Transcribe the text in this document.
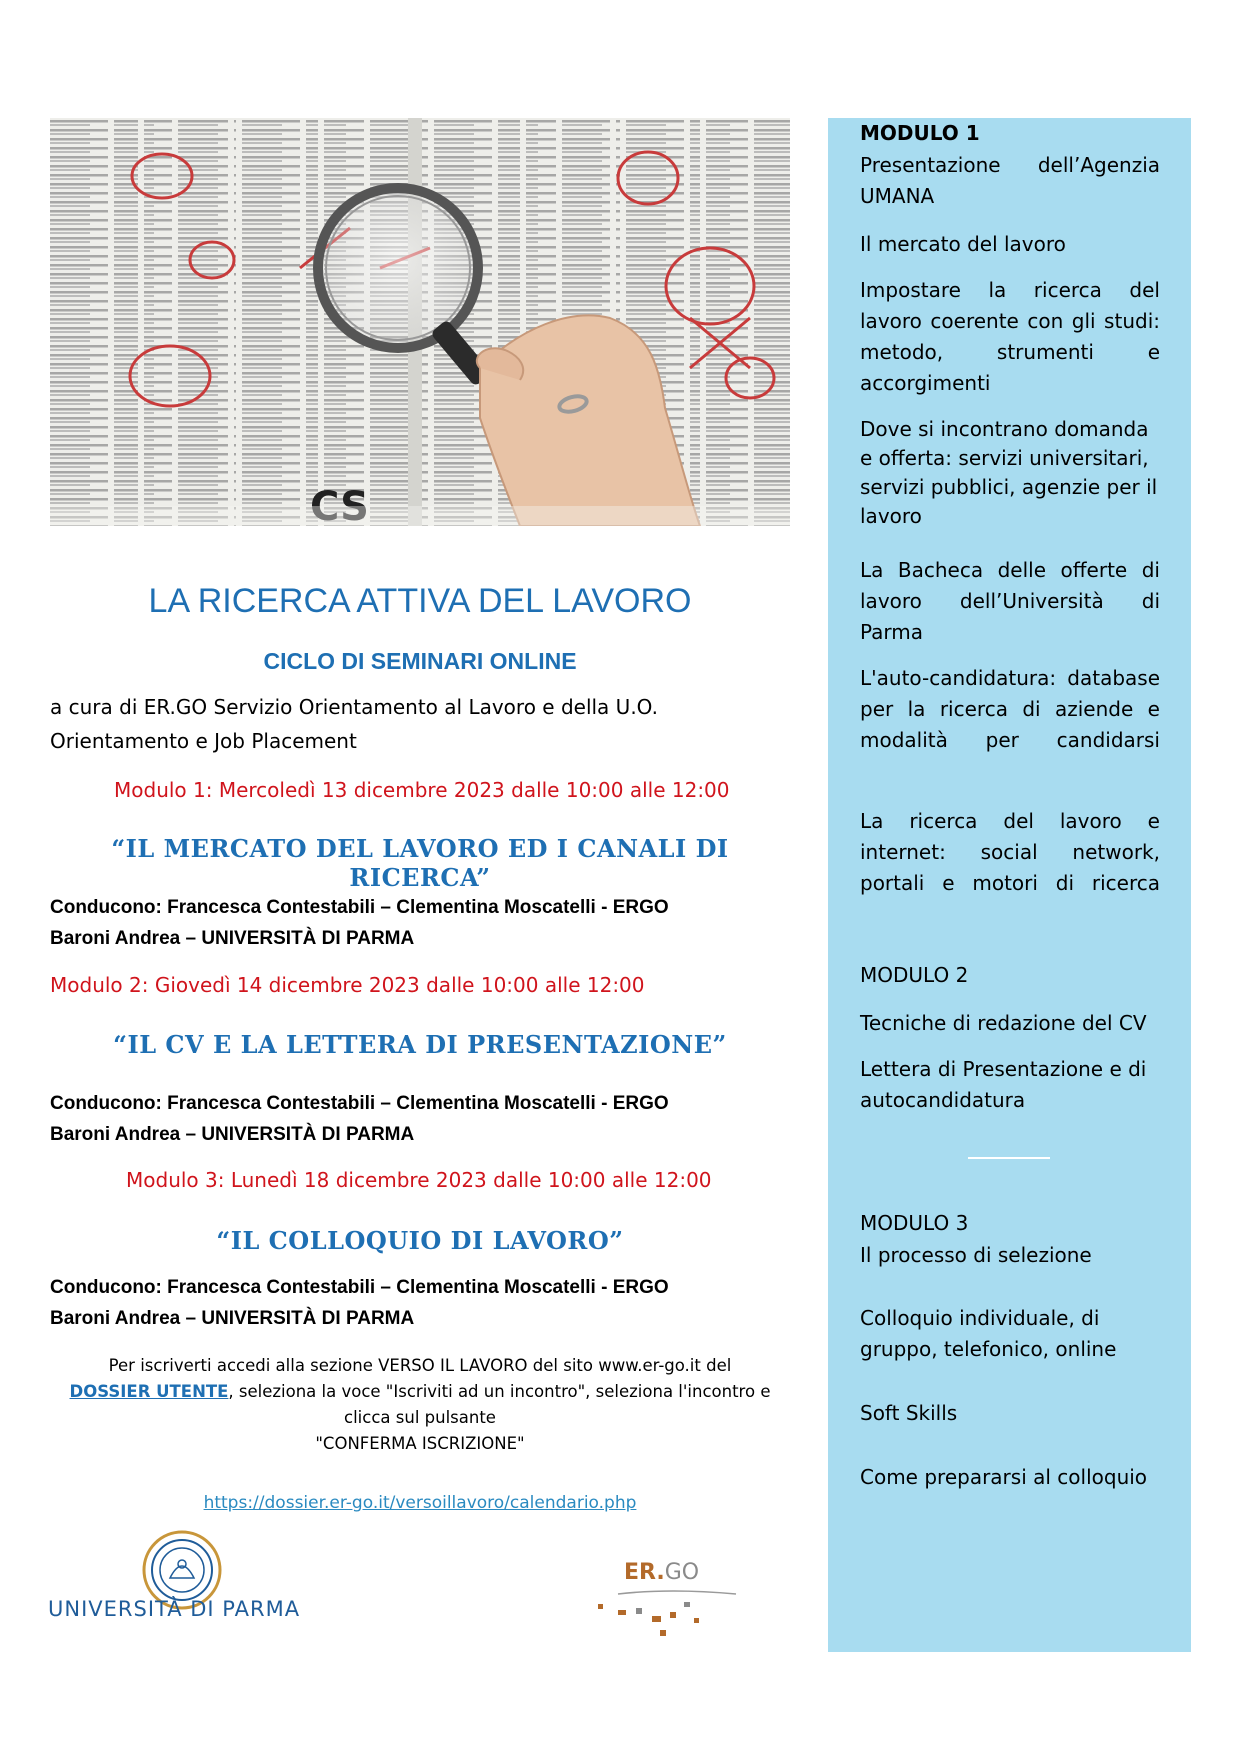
CS
LA RICERCA ATTIVA DEL LAVORO
CICLO DI SEMINARI ONLINE

a cura di ER.GO Servizio Orientamento al Lavoro e della U.O. Orientamento e Job Placement

Modulo 1: Mercoledì 13 dicembre 2023 dalle 10:00 alle 12:00

“IL MERCATO DEL LAVORO ED I CANALI DI RICERCA”

Conducono: Francesca Contestabili – Clementina Moscatelli - ERGO
Baroni Andrea – UNIVERSITÀ DI PARMA

Modulo 2: Giovedì 14 dicembre 2023 dalle 10:00 alle 12:00

“IL CV E LA LETTERA DI PRESENTAZIONE”

Conducono: Francesca Contestabili – Clementina Moscatelli - ERGO
Baroni Andrea – UNIVERSITÀ DI PARMA

Modulo 3: Lunedì 18 dicembre 2023 dalle 10:00 alle 12:00

“IL COLLOQUIO DI LAVORO”

Conducono: Francesca Contestabili – Clementina Moscatelli - ERGO
Baroni Andrea – UNIVERSITÀ DI PARMA

Per iscriverti accedi alla sezione VERSO IL LAVORO del sito www.er-go.it del
DOSSIER UTENTE, seleziona la voce "Iscriviti ad un incontro", seleziona l'incontro e clicca sul pulsante
"CONFERMA ISCRIZIONE"

https://dossier.er-go.it/versoillavoro/calendario.php

UNIVERSITÀ DI PARMA
ER.GO

MODULO 1

Presentazione dell’Agenzia UMANA

Il mercato del lavoro

Impostare la ricerca del lavoro coerente con gli studi: metodo, strumenti e accorgimenti

Dove si incontrano domanda e offerta: servizi universitari, servizi pubblici, agenzie per il lavoro

La Bacheca delle offerte di lavoro dell’Università di Parma

L'auto-candidatura: database per la ricerca di aziende e modalità per candidarsi

La ricerca del lavoro e internet: social network, portali e motori di ricerca

MODULO 2

Tecniche di redazione del CV

Lettera di Presentazione e di autocandidatura

MODULO 3

Il processo di selezione

Colloquio individuale, di gruppo, telefonico, online

Soft Skills

Come prepararsi al colloquio
